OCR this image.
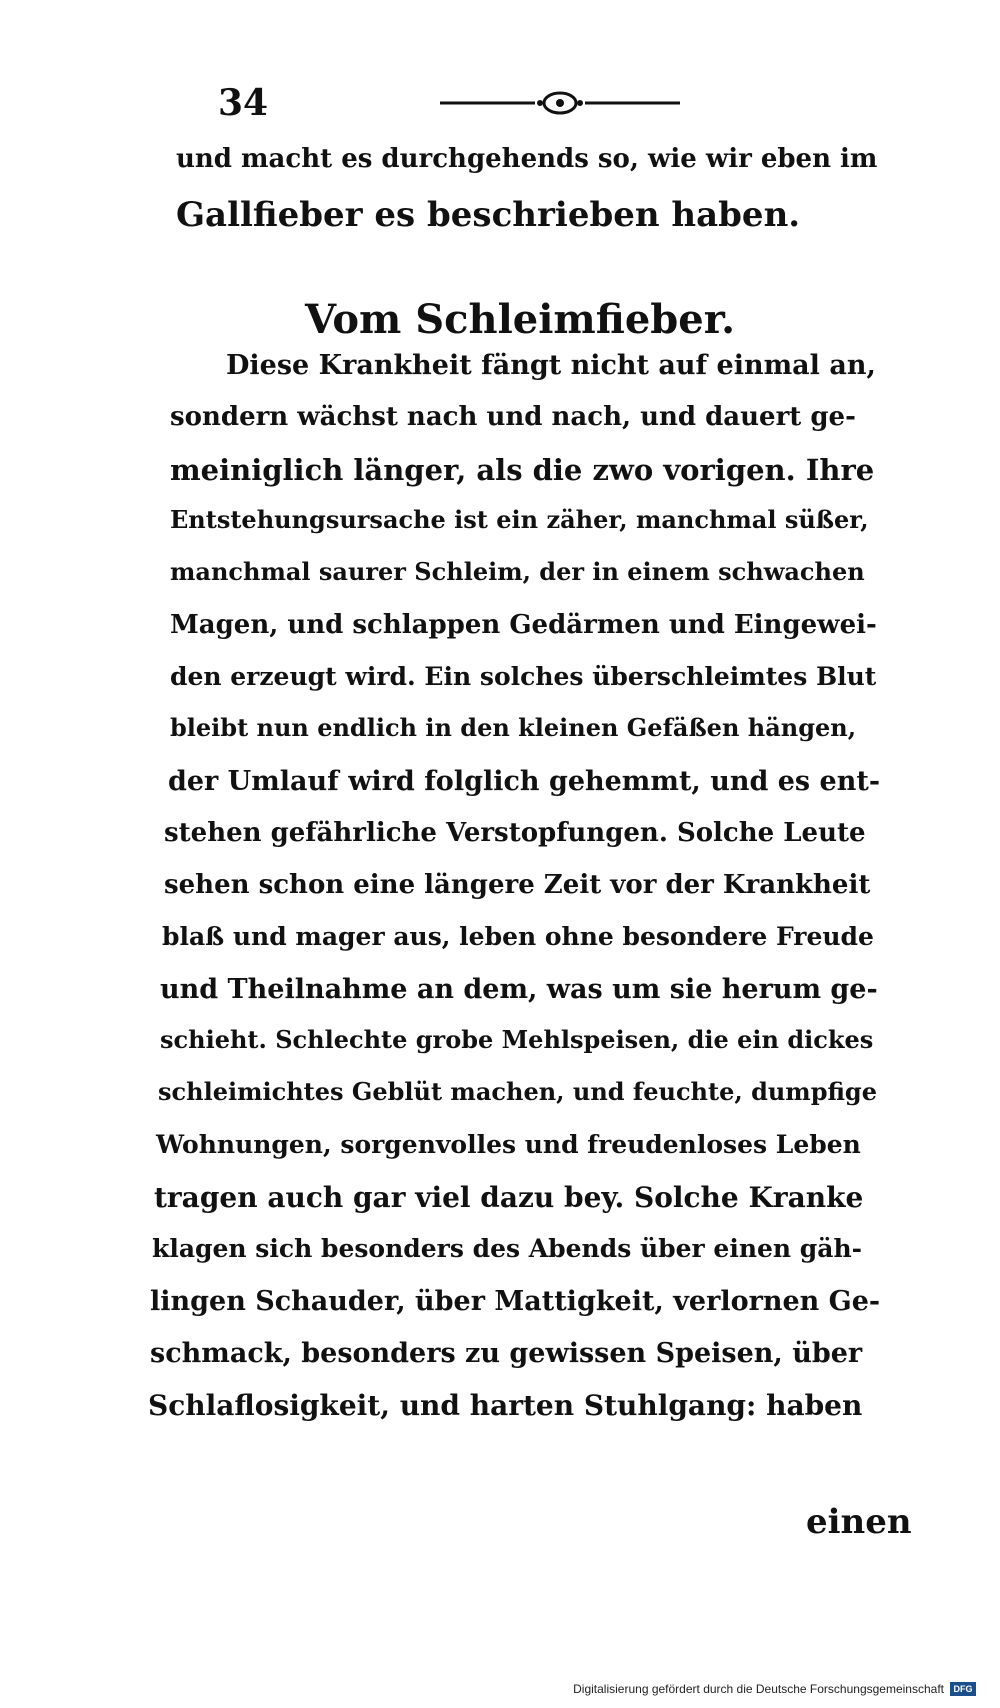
34
und macht es durchgehends so, wie wir eben im
Gallfieber es beschrieben haben.
Vom Schleimfieber.
Diese Krankheit fängt nicht auf einmal an,
sondern wächst nach und nach, und dauert ge-
meiniglich länger, als die zwo vorigen. Ihre
Entstehungsursache ist ein zäher, manchmal süßer,
manchmal saurer Schleim, der in einem schwachen
Magen, und schlappen Gedärmen und Eingewei-
den erzeugt wird. Ein solches überschleimtes Blut
bleibt nun endlich in den kleinen Gefäßen hängen,
der Umlauf wird folglich gehemmt, und es ent-
stehen gefährliche Verstopfungen. Solche Leute
sehen schon eine längere Zeit vor der Krankheit
blaß und mager aus, leben ohne besondere Freude
und Theilnahme an dem, was um sie herum ge-
schieht. Schlechte grobe Mehlspeisen, die ein dickes
schleimichtes Geblüt machen, und feuchte, dumpfige
Wohnungen, sorgenvolles und freudenloses Leben
tragen auch gar viel dazu bey. Solche Kranke
klagen sich besonders des Abends über einen gäh-
lingen Schauder, über Mattigkeit, verlornen Ge-
schmack, besonders zu gewissen Speisen, über
Schlaflosigkeit, und harten Stuhlgang: haben
einen
Digitalisierung gefördert durch die Deutsche Forschungsgemeinschaft	DFG
